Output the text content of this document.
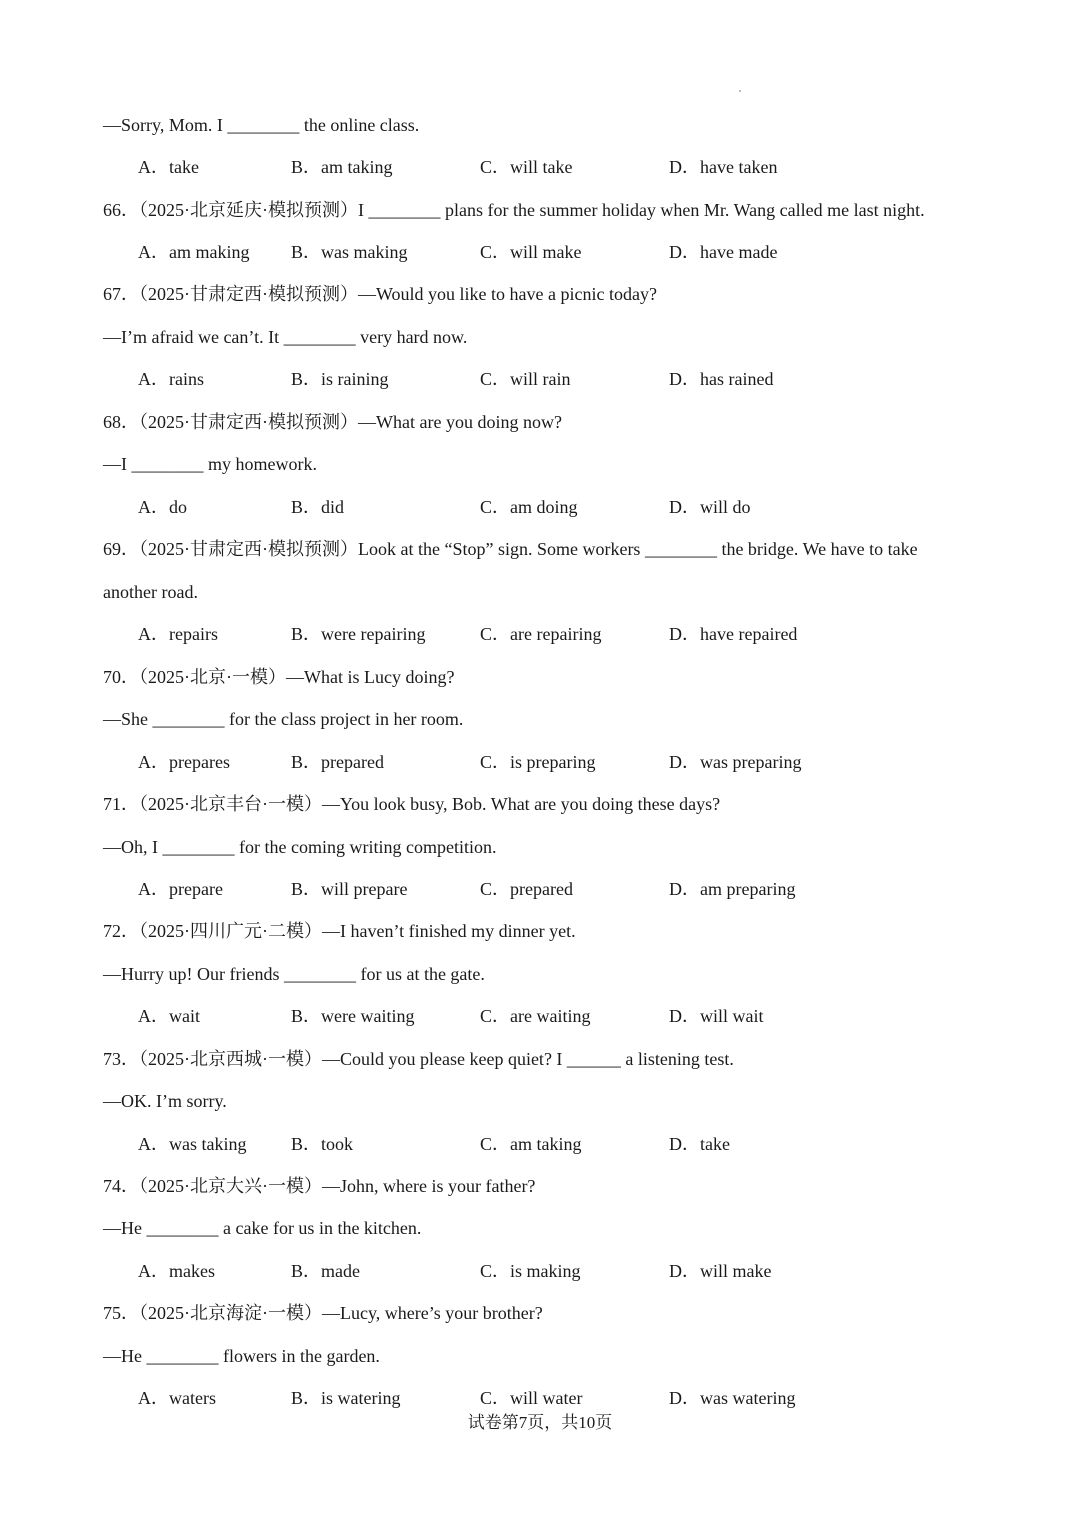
—Sorry, Mom. I ________ the online class.
A．take	B．am taking	C．will take	D．have taken
66．（2025·北京延庆·模拟预测）I ________ plans for the summer holiday when Mr. Wang called me last night.
A．am making B．was making	C．will make	D．have made
67．（2025·甘肃定西·模拟预测）—Would you like to have a picnic today?
—I’m afraid we can’t. It ________ very hard now.
A．rains	B．is raining	C．will rain	D．has rained
68．（2025·甘肃定西·模拟预测）—What are you doing now?
—I ________ my homework.
A．do	B．did	C．am doing	D．will do
69．（2025·甘肃定西·模拟预测）Look at the “Stop” sign. Some workers ________ the bridge. We have to take
another road.
A．repairs	B．were repairing	C．are repairing	D．have repaired
70．（2025·北京·一模）—What is Lucy doing?
—She ________ for the class project in her room.
A．prepares	B．prepared	C．is preparing	D．was preparing
71．（2025·北京丰台·一模）—You look busy, Bob. What are you doing these days?
—Oh, I ________ for the coming writing competition.
A．prepare	B．will prepare	C．prepared	D．am preparing
72．（2025·四川广元·二模）—I haven’t finished my dinner yet.
—Hurry up! Our friends ________ for us at the gate.
A．wait	B．were waiting	C．are waiting	D．will wait
73．（2025·北京西城·一模）—Could you please keep quiet? I ______ a listening test.
—OK. I’m sorry.
A．was taking B．took	C．am taking	D．take
74．（2025·北京大兴·一模）—John, where is your father?
—He ________ a cake for us in the kitchen.
A．makes	B．made	C．is making	D．will make
75．（2025·北京海淀·一模）—Lucy, where’s your brother?
—He ________ flowers in the garden.
A．waters	B．is watering	C．will water	D．was watering
试卷第7页，共10页
